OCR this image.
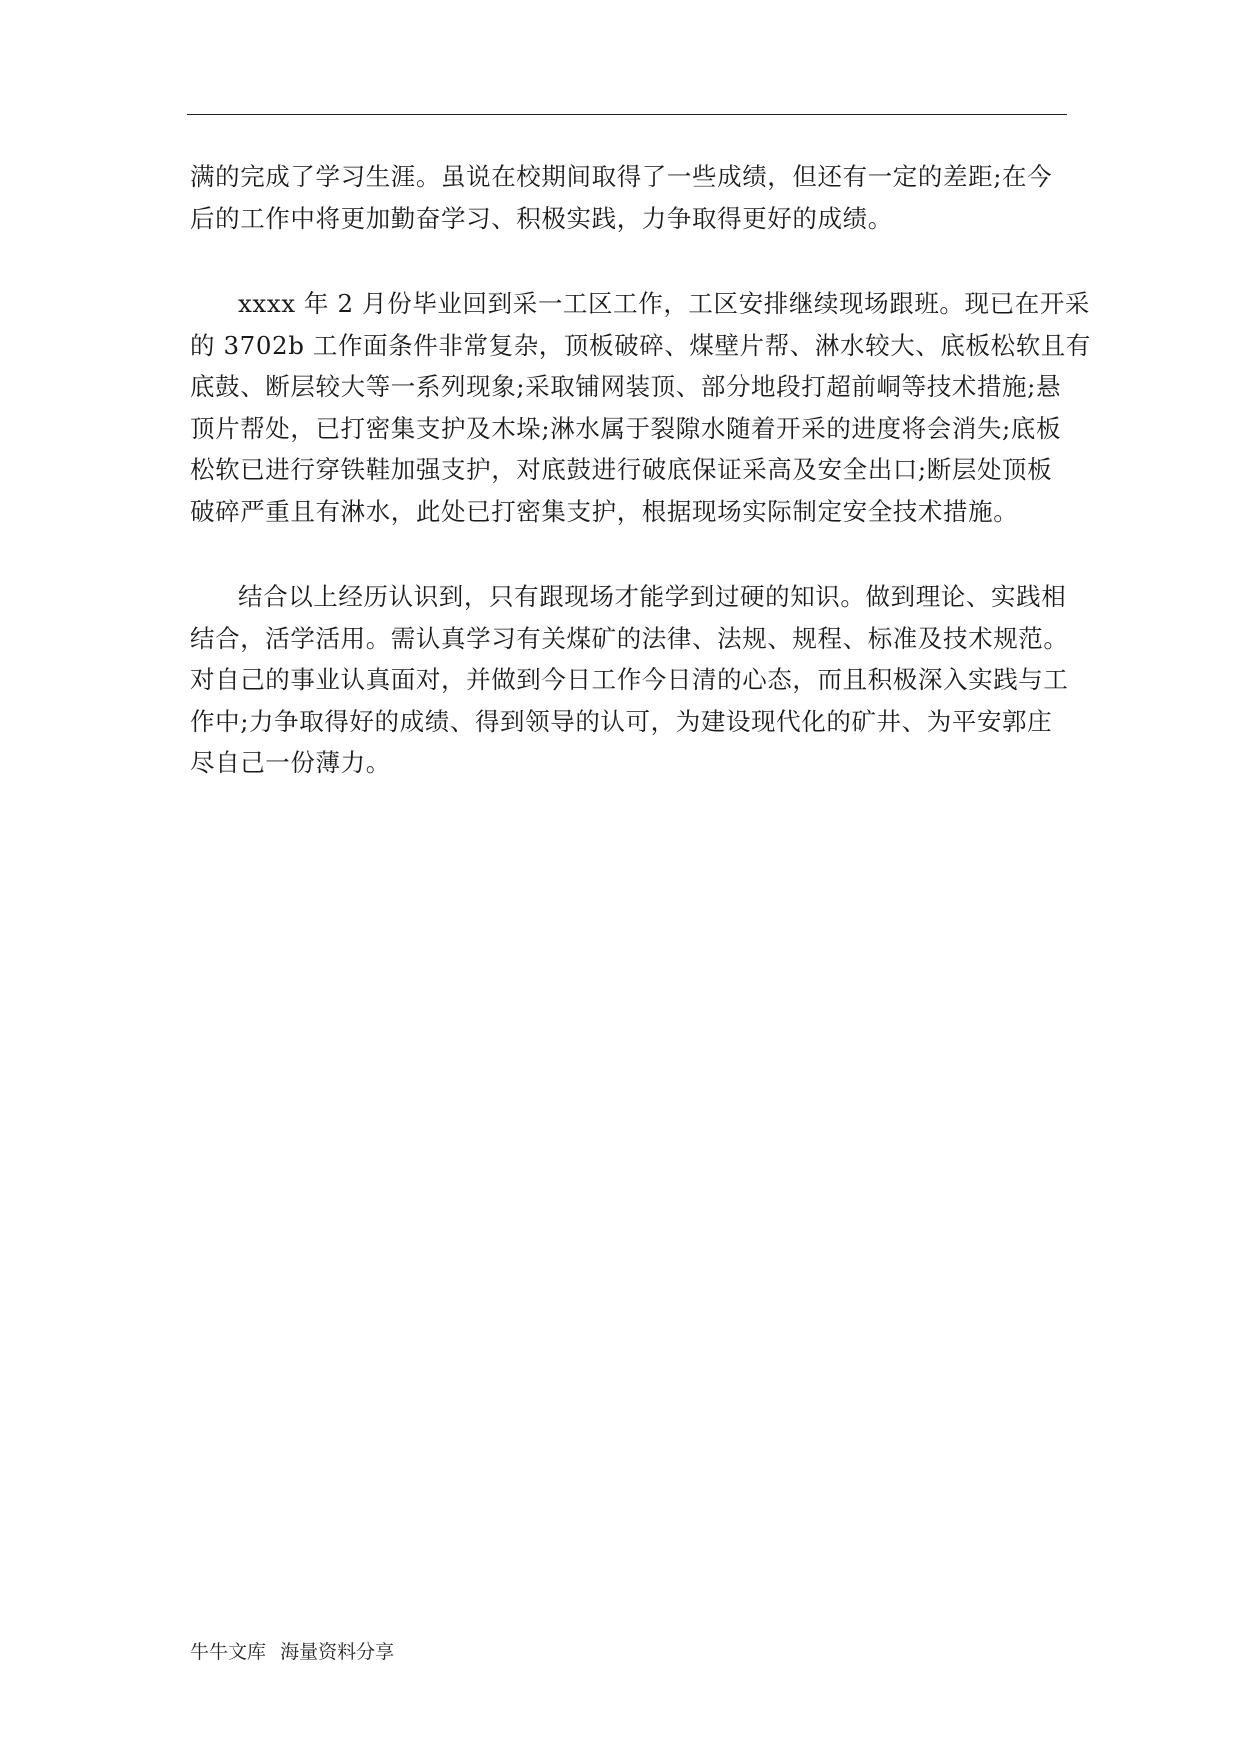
满的完成了学习生涯。虽说在校期间取得了一些成绩，但还有一定的差距;在今
后的工作中将更加勤奋学习、积极实践，力争取得更好的成绩。
xxxx 年 2 月份毕业回到采一工区工作，工区安排继续现场跟班。现已在开采
的 3702b 工作面条件非常复杂，顶板破碎、煤壁片帮、淋水较大、底板松软且有
底鼓、断层较大等一系列现象;采取铺网装顶、部分地段打超前峒等技术措施;悬
顶片帮处，已打密集支护及木垛;淋水属于裂隙水随着开采的进度将会消失;底板
松软已进行穿铁鞋加强支护，对底鼓进行破底保证采高及安全出口;断层处顶板
破碎严重且有淋水，此处已打密集支护，根据现场实际制定安全技术措施。
结合以上经历认识到，只有跟现场才能学到过硬的知识。做到理论、实践相
结合，活学活用。需认真学习有关煤矿的法律、法规、规程、标准及技术规范。
对自己的事业认真面对，并做到今日工作今日清的心态，而且积极深入实践与工
作中;力争取得好的成绩、得到领导的认可，为建设现代化的矿井、为平安郭庄
尽自己一份薄力。
牛牛文库 海量资料分享
